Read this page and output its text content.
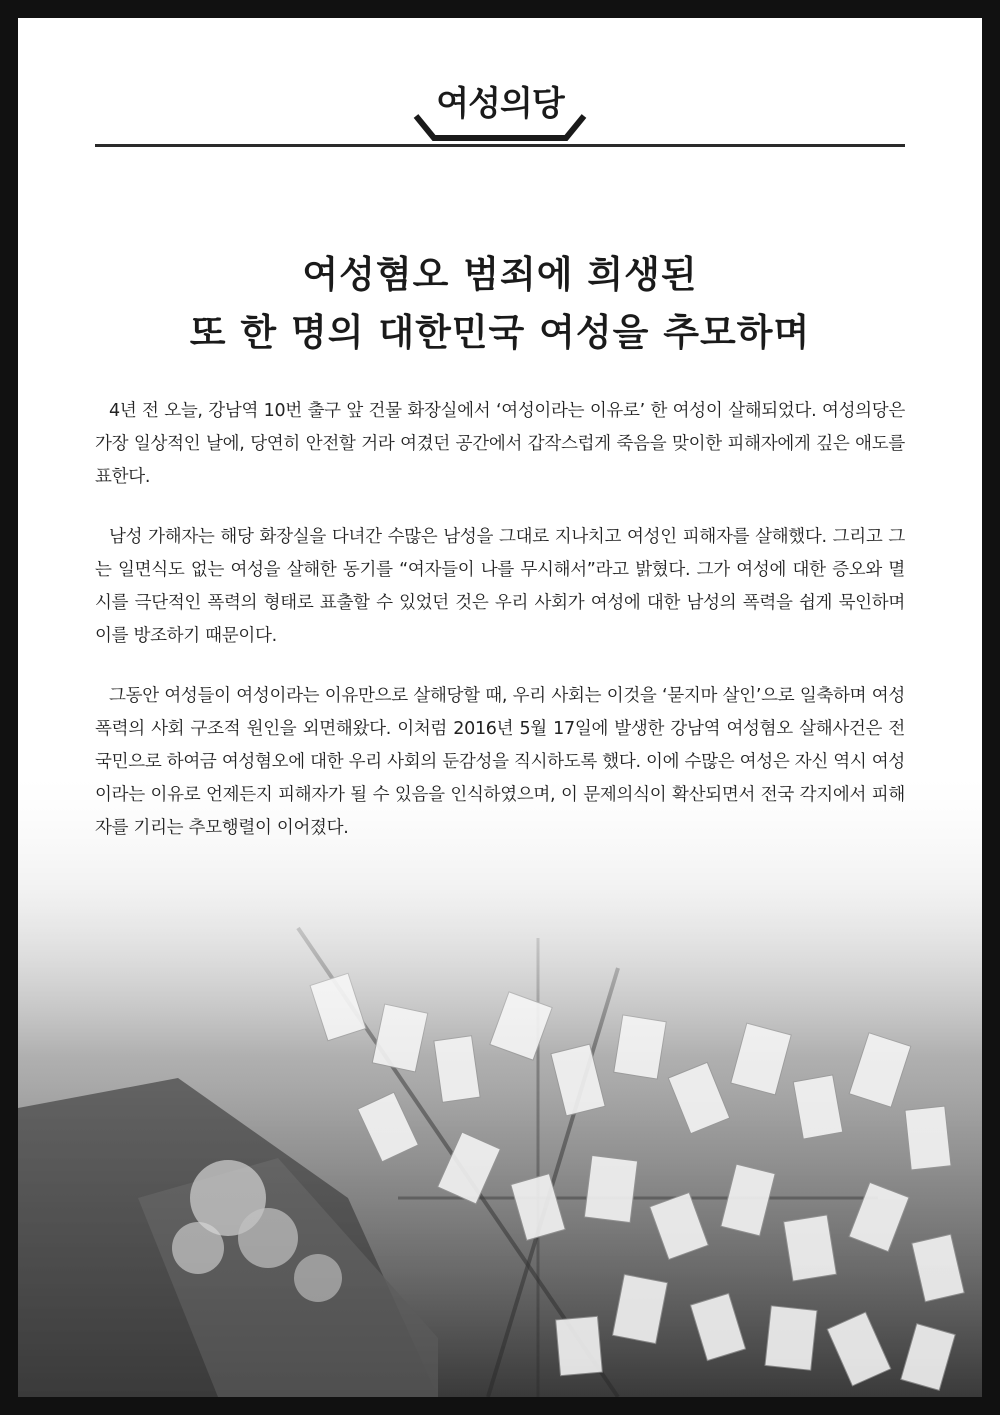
여성의당
여성혐오 범죄에 희생된
또 한 명의 대한민국 여성을 추모하며

4년 전 오늘, 강남역 10번 출구 앞 건물 화장실에서 ‘여성이라는 이유로’ 한 여성이 살해되었다. 여성의당은 가장 일상적인 날에, 당연히 안전할 거라 여겼던 공간에서 갑작스럽게 죽음을 맞이한 피해자에게 깊은 애도를 표한다.

남성 가해자는 해당 화장실을 다녀간 수많은 남성을 그대로 지나치고 여성인 피해자를 살해했다. 그리고 그는 일면식도 없는 여성을 살해한 동기를 “여자들이 나를 무시해서”라고 밝혔다. 그가 여성에 대한 증오와 멸시를 극단적인 폭력의 형태로 표출할 수 있었던 것은 우리 사회가 여성에 대한 남성의 폭력을 쉽게 묵인하며 이를 방조하기 때문이다.

그동안 여성들이 여성이라는 이유만으로 살해당할 때, 우리 사회는 이것을 ‘묻지마 살인’으로 일축하며 여성폭력의 사회 구조적 원인을 외면해왔다. 이처럼 2016년 5월 17일에 발생한 강남역 여성혐오 살해사건은 전 국민으로 하여금 여성혐오에 대한 우리 사회의 둔감성을 직시하도록 했다. 이에 수많은 여성은 자신 역시 여성이라는 이유로 언제든지 피해자가 될 수 있음을 인식하였으며, 이 문제의식이 확산되면서 전국 각지에서 피해자를 기리는 추모행렬이 이어졌다.
